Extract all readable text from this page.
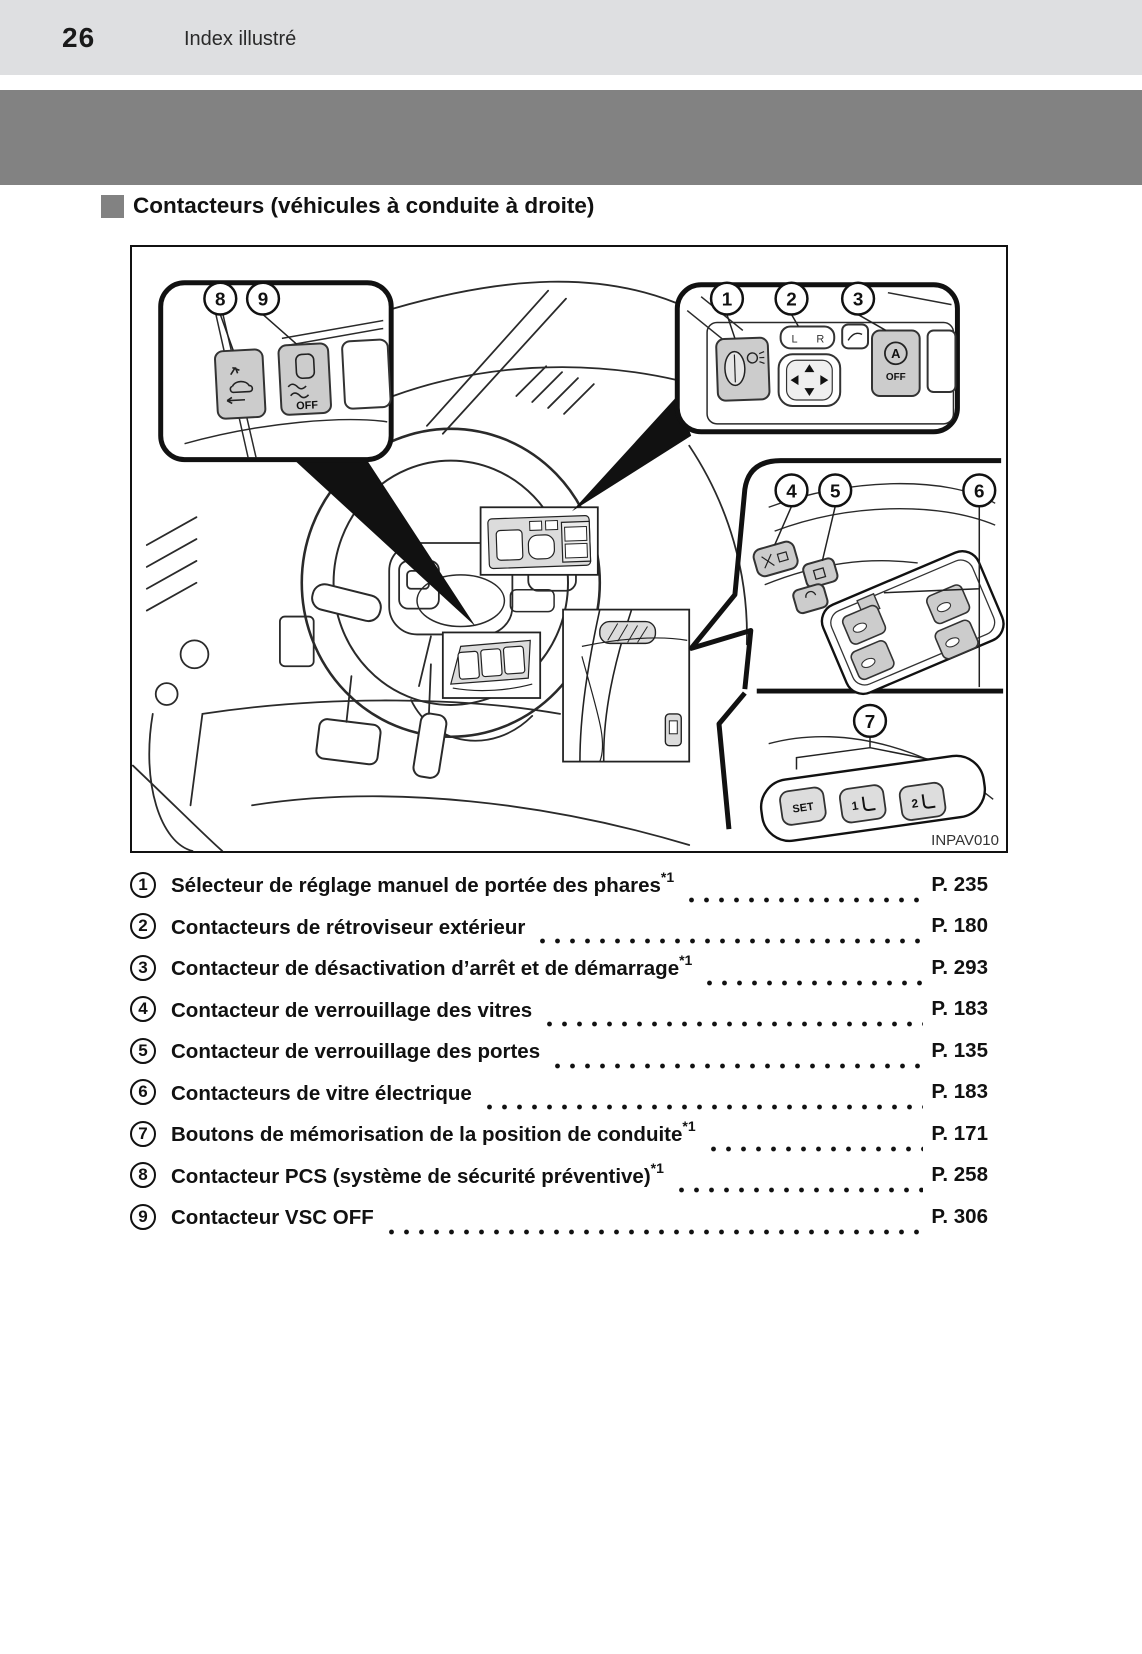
26	Index illustré
Contacteurs (véhicules à conduite à droite)
OFF
8 9
L R
A
OFF
1	2	3
4 5	6
SET	1	2
7
INPAV010
1	Sélecteur de réglage manuel de portée des phares$^{*1}$	P. 235
2	Contacteurs de rétroviseur extérieur	P. 180
3	Contacteur de désactivation d’arrêt et de démarrage$^{*1}$	P. 293
4	Contacteur de verrouillage des vitres	P. 183
5	Contacteur de verrouillage des portes	P. 135
6	Contacteurs de vitre électrique	P. 183
7	Boutons de mémorisation de la position de conduite$^{*1}$	P. 171
8	Contacteur PCS (système de sécurité préventive)$^{*1}$	P. 258
9	Contacteur VSC OFF	P. 306
